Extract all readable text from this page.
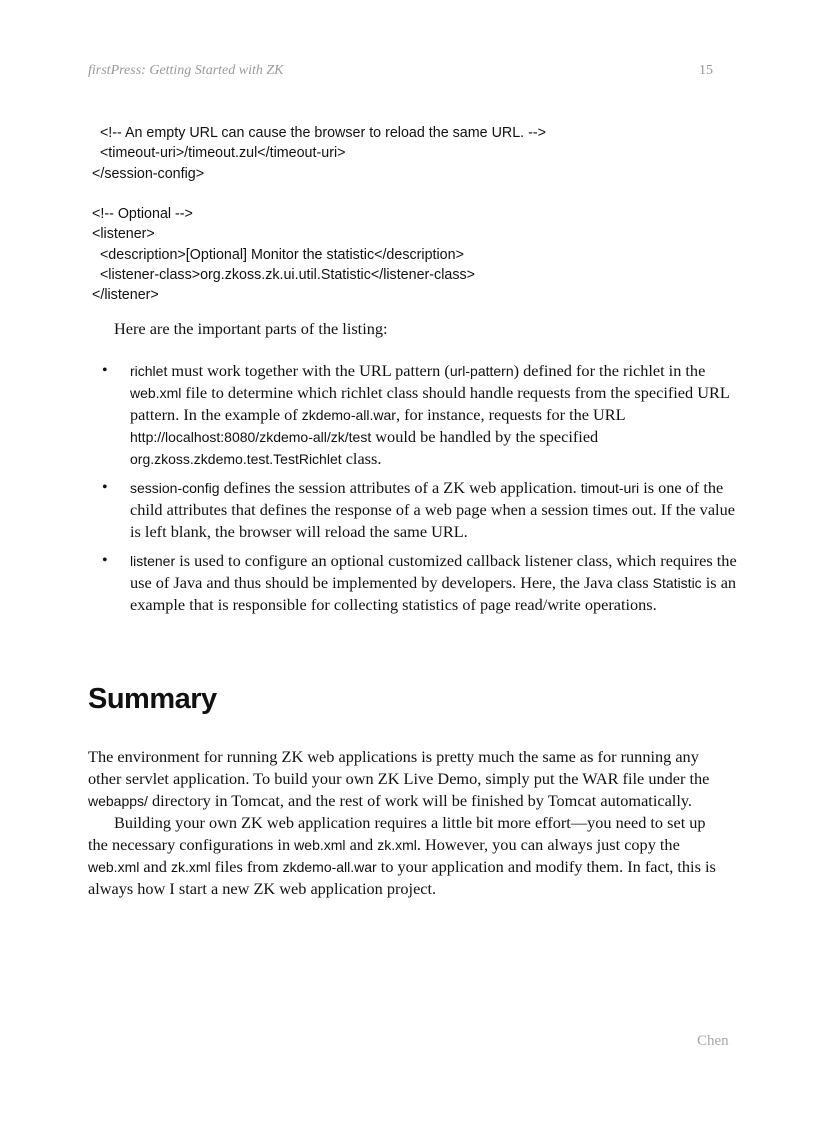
firstPress: Getting Started with ZK	15
<!-- An empty URL can cause the browser to reload the same URL. -->
<timeout-uri>/timeout.zul</timeout-uri>
</session-config>
<!-- Optional -->
<listener>
<description>[Optional] Monitor the statistic</description>
<listener-class>org.zkoss.zk.ui.util.Statistic</listener-class>
</listener>
Here are the important parts of the listing:
• richlet must work together with the URL pattern (url-pattern) defined for the richlet in the web.xml file to determine which richlet class should handle requests from the specified URL pattern. In the example of zkdemo-all.war, for instance, requests for the URL http://localhost:8080/zkdemo-all/zk/test would be handled by the specified org.zkoss.zkdemo.test.TestRichlet class.
• session-config defines the session attributes of a ZK web application. timout-uri is one of the child attributes that defines the response of a web page when a session times out. If the value is left blank, the browser will reload the same URL.
• listener is used to configure an optional customized callback listener class, which requires the use of Java and thus should be implemented by developers. Here, the Java class Statistic is an example that is responsible for collecting statistics of page read/write operations.
Summary

The environment for running ZK web applications is pretty much the same as for running any other servlet application. To build your own ZK Live Demo, simply put the WAR file under the webapps/ directory in Tomcat, and the rest of work will be finished by Tomcat automatically.

Building your own ZK web application requires a little bit more effort—you need to set up the necessary configurations in web.xml and zk.xml. However, you can always just copy the web.xml and zk.xml files from zkdemo-all.war to your application and modify them. In fact, this is always how I start a new ZK web application project.

Chen
